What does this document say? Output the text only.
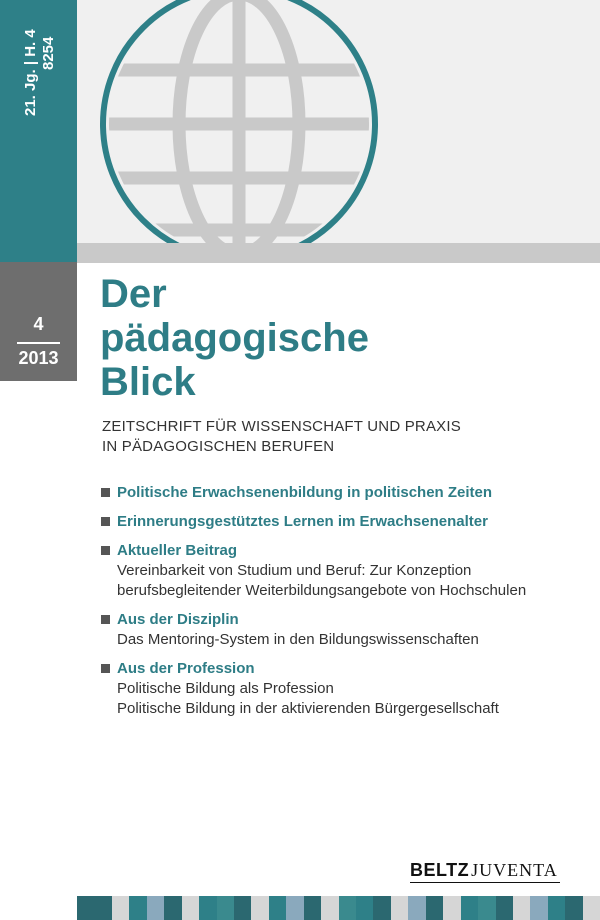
21. Jg. | H. 4 8254
4
2013
Der
pädagogische
Blick
ZEITSCHRIFT FÜR WISSENSCHAFT UND PRAXIS
IN PÄDAGOGISCHEN BERUFEN
Politische Erwachsenenbildung in politischen Zeiten
Erinnerungsgestütztes Lernen im Erwachsenenalter
Aktueller Beitrag
Vereinbarkeit von Studium und Beruf: Zur Konzeption
berufsbegleitender Weiterbildungsangebote von Hochschulen
Aus der Disziplin
Das Mentoring-System in den Bildungswissenschaften
Aus der Profession
Politische Bildung als Profession
Politische Bildung in der aktivierenden Bürgergesellschaft
BELTZ JUVENTA
